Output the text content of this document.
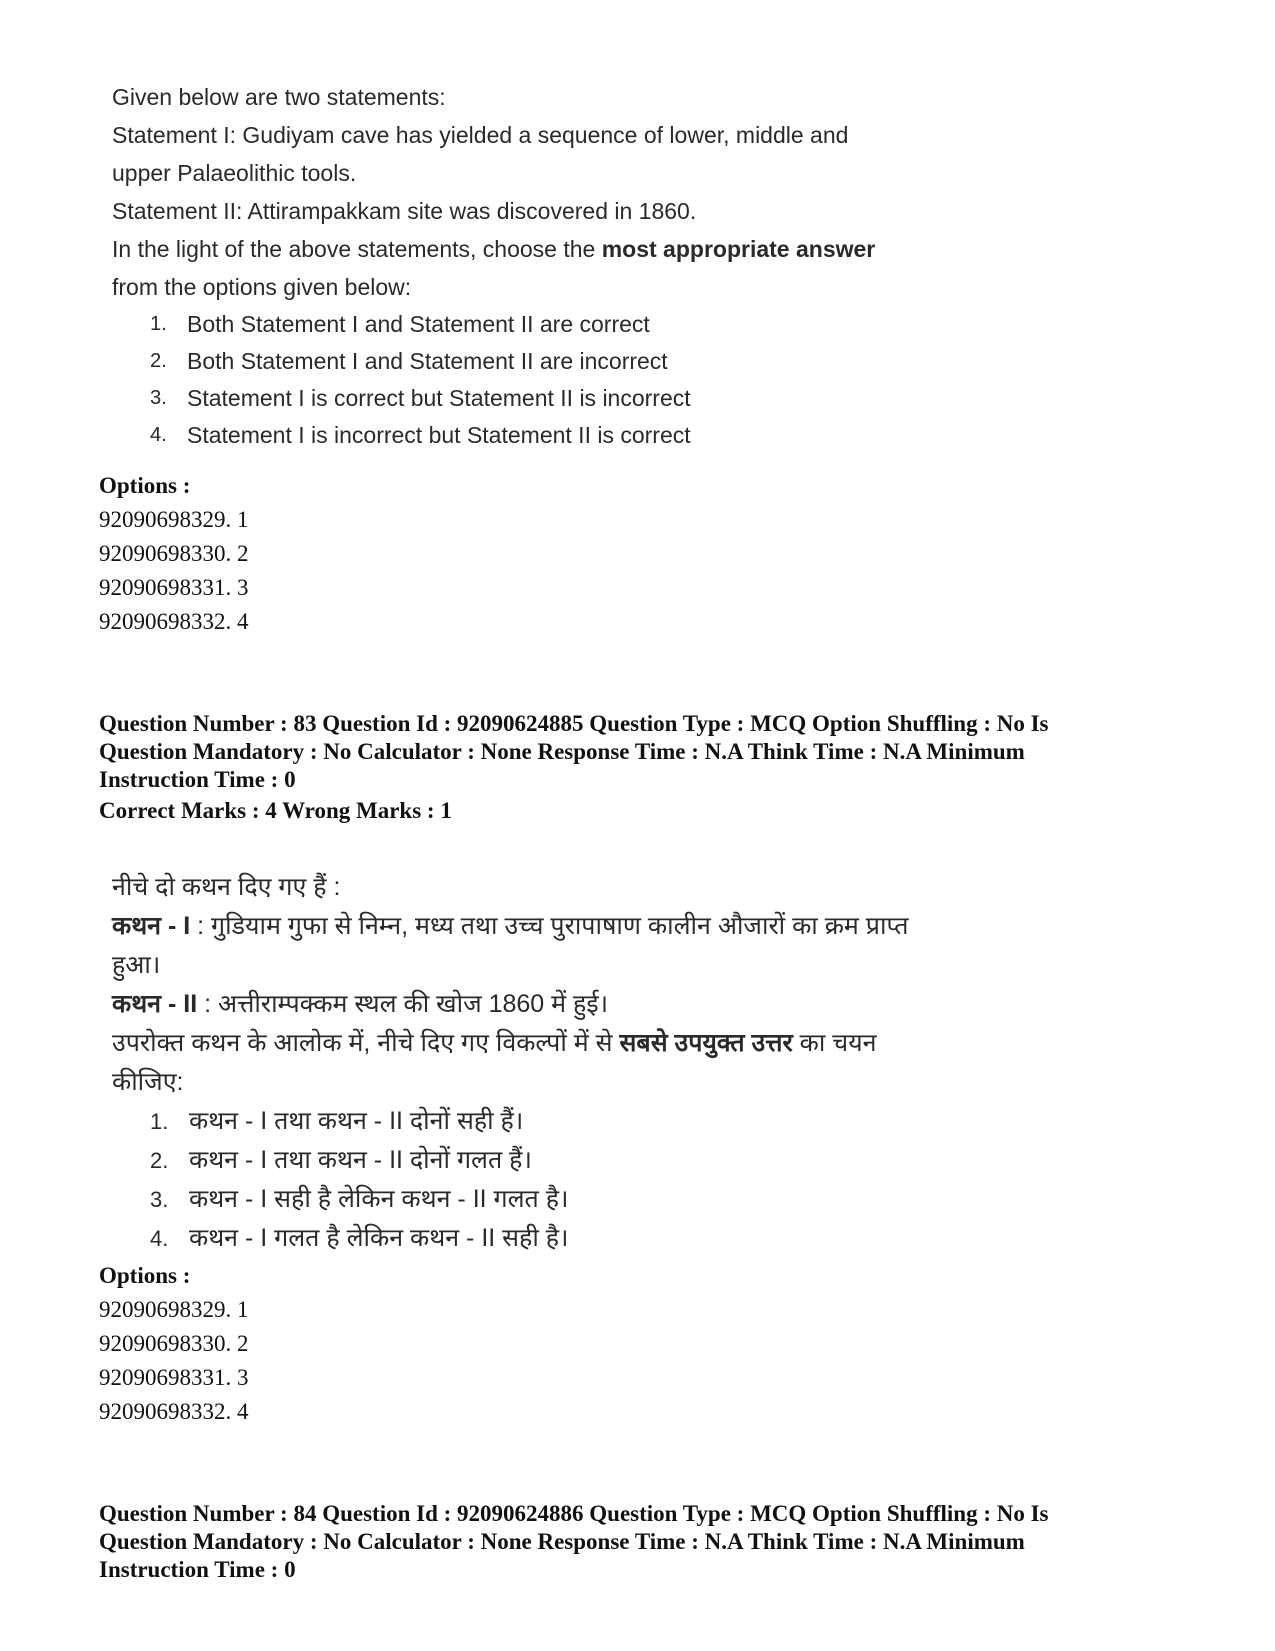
Given below are two statements:
Statement I: Gudiyam cave has yielded a sequence of lower, middle and
upper Palaeolithic tools.
Statement II: Attirampakkam site was discovered in 1860.
In the light of the above statements, choose the most appropriate answer
from the options given below:
1. Both Statement I and Statement II are correct
2. Both Statement I and Statement II are incorrect
3. Statement I is correct but Statement II is incorrect
4. Statement I is incorrect but Statement II is correct
Options :
92090698329. 1
92090698330. 2
92090698331. 3
92090698332. 4
Question Number : 83 Question Id : 92090624885 Question Type : MCQ Option Shuffling : No Is
Question Mandatory : No Calculator : None Response Time : N.A Think Time : N.A Minimum
Instruction Time : 0
Correct Marks : 4 Wrong Marks : 1
नीचे दो कथन दिए गए हैं :
कथन - I : गुडियाम गुफा से निम्न, मध्य तथा उच्च पुरापाषाण कालीन औजारों का क्रम प्राप्त
हुआ।
कथन - II : अत्तीराम्पक्कम स्थल की खोज 1860 में हुई।
उपरोक्त कथन के आलोक में, नीचे दिए गए विकल्पों में से सबसे उपयुक्त उत्तर का चयन
कीजिए:
1. कथन - I तथा कथन - II दोनों सही हैं।
2. कथन - I तथा कथन - II दोनों गलत हैं।
3. कथन - I सही है लेकिन कथन - II गलत है।
4. कथन - I गलत है लेकिन कथन - II सही है।
Options :
92090698329. 1
92090698330. 2
92090698331. 3
92090698332. 4
Question Number : 84 Question Id : 92090624886 Question Type : MCQ Option Shuffling : No Is
Question Mandatory : No Calculator : None Response Time : N.A Think Time : N.A Minimum
Instruction Time : 0
